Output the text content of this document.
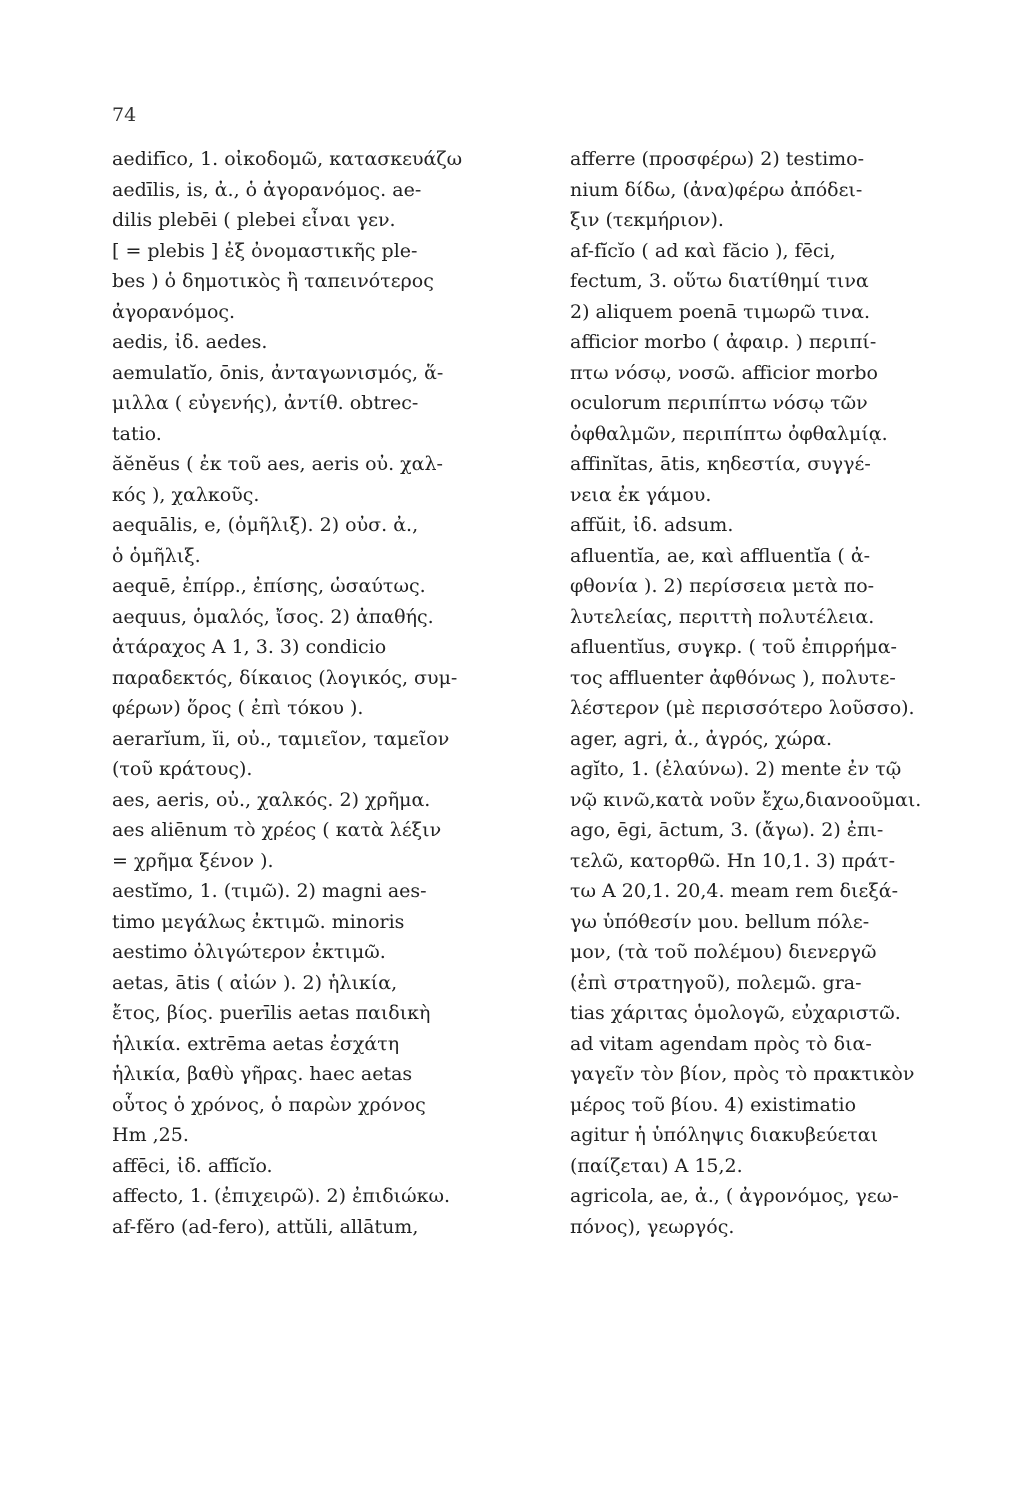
74
aedifīco, 1. οἰκοδομῶ, κατασκευάζω
aedīlis, is, ἀ., ὁ ἀγορανόμος. ae-
dilis plebēi ( plebei εἶναι γεν.
[ = plebis ] ἐξ ὀνομαστικῆς ple-
bes ) ὁ δημοτικὸς ἢ ταπεινότερος
ἀγορανόμος.
aedis, ἰδ. aedes.
aemulatĭo, ōnis, ἀνταγωνισμός, ἅ-
μιλλα ( εὐγενής), ἀντίθ. obtrec-
tatio.
ăĕnĕus ( ἐκ τοῦ aes, aeris οὐ. χαλ-
κός ), χαλκοῦς.
aequālis, e, (ὁμῆλιξ). 2) οὐσ. ἀ.,
ὁ ὁμῆλιξ.
aequē, ἐπίρρ., ἐπίσης, ὡσαύτως.
aequus, ὁμαλός, ἴσος. 2) ἀπαθής.
ἀτάραχος Α 1, 3. 3) condicio
παραδεκτός, δίκαιος (λογικός, συμ-
φέρων) ὅρος ( ἐπὶ τόκου ).
aerarĭum, ĭi, οὐ., ταμιεῖον, ταμεῖον
(τοῦ κράτους).
aes, aeris, οὐ., χαλκός. 2) χρῆμα.
aes aliēnum τὸ χρέος ( κατὰ λέξιν
= χρῆμα ξένον ).
aestĭmo, 1. (τιμῶ). 2) magni aes-
timo μεγάλως ἐκτιμῶ. minoris
aestimo ὀλιγώτερον ἐκτιμῶ.
aetas, ātis ( αἰών ). 2) ἡλικία,
ἔτος, βίος. puerīlis aetas παιδικὴ
ἡλικία. extrēma aetas ἐσχάτη
ἡλικία, βαθὺ γῆρας. haec aetas
οὗτος ὁ χρόνος, ὁ παρὼν χρόνος
Hm ,25.
affēci, ἰδ. affĭcĭo.
affecto, 1. (ἐπιχειρῶ). 2) ἐπιδιώκω.
af-fĕro (ad-fero), attŭli, allātum,
afferre (προσφέρω) 2) testimo-
nium δίδω, (ἀνα)φέρω ἀπόδει-
ξιν (τεκμήριον).
af-fĭcĭo ( ad καὶ făcio ), fēci,
fectum, 3. οὕτω διατίθημί τινα
2) aliquem poenā τιμωρῶ τινα.
afficior morbo ( ἀφαιρ. ) περιπί-
πτω νόσῳ, νοσῶ. afficior morbo
oculorum περιπίπτω νόσῳ τῶν
ὀφθαλμῶν, περιπίπτω ὀφθαλμίᾳ.
affinĭtas, ātis, κηδεστία, συγγέ-
νεια ἐκ γάμου.
affŭit, ἰδ. adsum.
afluentĭa, ae, καὶ affluentĭa ( ἀ-
φθονία ). 2) περίσσεια μετὰ πο-
λυτελείας, περιττὴ πολυτέλεια.
afluentĭus, συγκρ. ( τοῦ ἐπιρρήμα-
τος affluenter ἀφθόνως ), πολυτε-
λέστερον (μὲ περισσότερο λοῦσσο).
ager, agri, ἀ., ἀγρός, χώρα.
agĭto, 1. (ἐλαύνω). 2) mente ἐν τῷ
νῷ κινῶ,κατὰ νοῦν ἔχω,διανοοῦμαι.
ago, ēgi, āctum, 3. (ἄγω). 2) ἐπι-
τελῶ, κατορθῶ. Hn 10,1. 3) πράτ-
τω Α 20,1. 20,4. meam rem διεξά-
γω ὑπόθεσίν μου. bellum πόλε-
μον, (τὰ τοῦ πολέμου) διενεργῶ
(ἐπὶ στρατηγοῦ), πολεμῶ. gra-
tias χάριτας ὁμολογῶ, εὐχαριστῶ.
ad vitam agendam πρὸς τὸ δια-
γαγεῖν τὸν βίον, πρὸς τὸ πρακτικὸν
μέρος τοῦ βίου. 4) existimatio
agitur ἡ ὑπόληψις διακυβεύεται
(παίζεται) Α 15,2.
agricola, ae, ἀ., ( ἀγρονόμος, γεω-
πόνος), γεωργός.
